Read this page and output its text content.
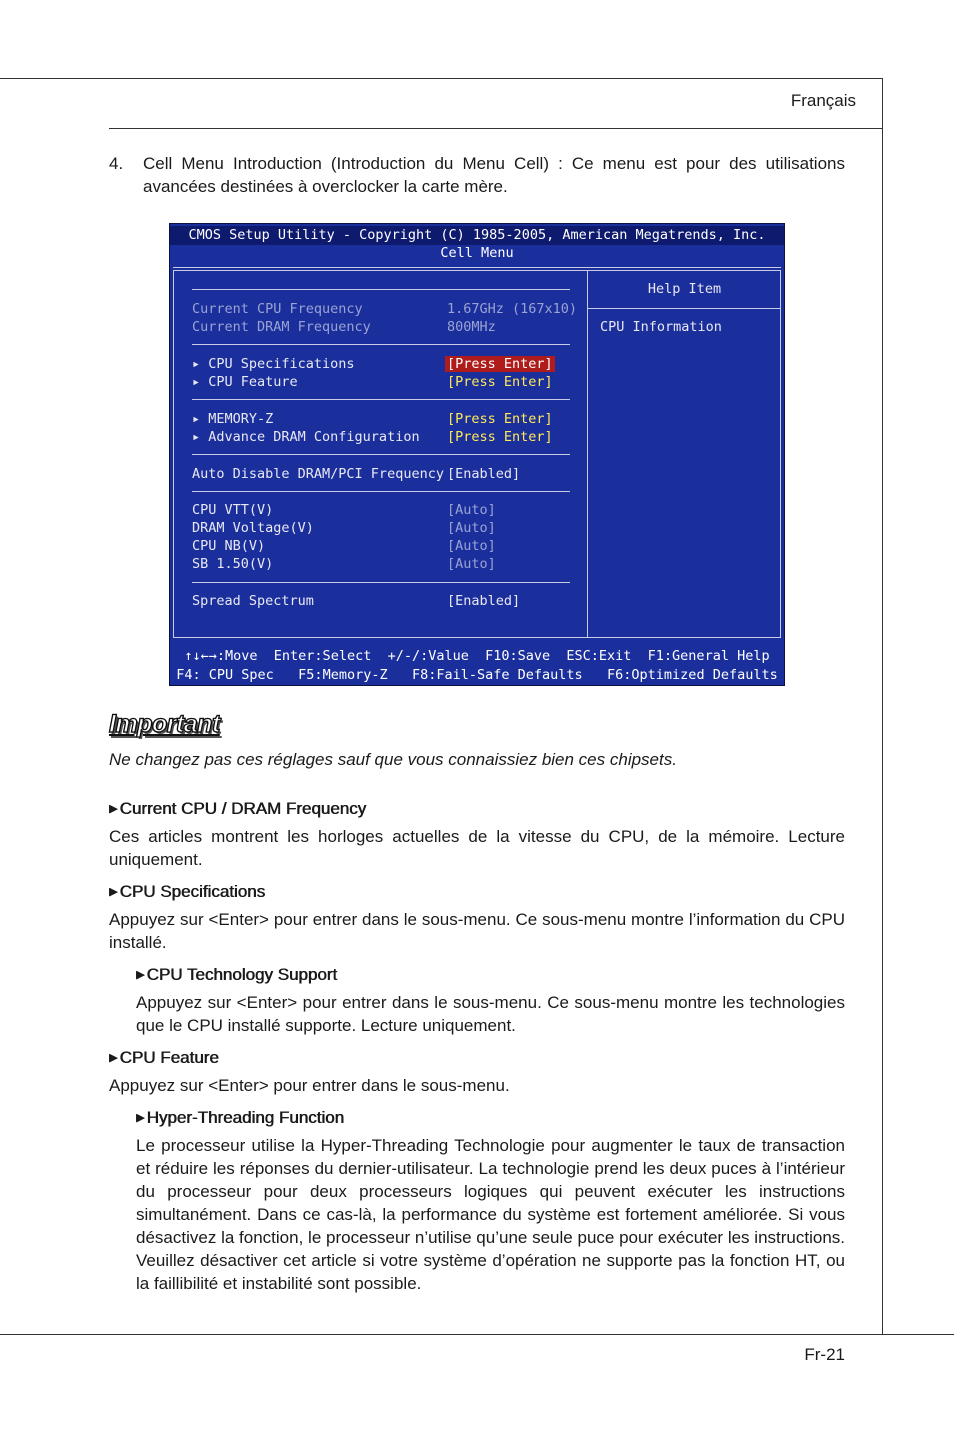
Français
4. Cell Menu Introduction (Introduction du Menu Cell) : Ce menu est pour des utilisations avancées destinées à overclocker la carte mère.
CMOS Setup Utility - Copyright (C) 1985-2005, American Megatrends, Inc.
Cell Menu
Current CPU Frequency	1.67GHz (167x10)
Current DRAM Frequency	800MHz
▸ CPU Specifications	[Press Enter]
▸ CPU Feature	[Press Enter]
▸ MEMORY-Z	[Press Enter]
▸ Advance DRAM Configuration [Press Enter]
Auto Disable DRAM/PCI Frequency [Enabled]
CPU VTT(V)	[Auto]
DRAM Voltage(V)	[Auto]
CPU NB(V)	[Auto]
SB 1.50(V)	[Auto]
Spread Spectrum	[Enabled]
Help Item
CPU Information
↑↓←→:Move  Enter:Select  +/-/:Value  F10:Save  ESC:Exit  F1:General Help
F4: CPU Spec   F5:Memory-Z   F8:Fail-Safe Defaults   F6:Optimized Defaults
Important
Ne changez pas ces réglages sauf que vous connaissiez bien ces chipsets.
▶ Current CPU / DRAM Frequency
Ces articles montrent les horloges actuelles de la vitesse du CPU, de la mémoire. Lecture uniquement.
▶ CPU Specifications
Appuyez sur <Enter> pour entrer dans le sous-menu. Ce sous-menu montre l’information du CPU installé.
▶ CPU Technology Support
Appuyez sur <Enter> pour entrer dans le sous-menu. Ce sous-menu montre les technologies que le CPU installé supporte. Lecture uniquement.
▶ CPU Feature
Appuyez sur <Enter> pour entrer dans le sous-menu.
▶ Hyper-Threading Function
Le processeur utilise la Hyper-Threading Technologie pour augmenter le taux de transaction et réduire les réponses du dernier-utilisateur. La technologie prend les deux puces à l’intérieur du processeur pour deux processeurs logiques qui peuvent exécuter les instructions simultanément. Dans ce cas-là, la performance du système est fortement améliorée. Si vous désactivez la fonction, le processeur n’utilise qu’une seule puce pour exécuter les instructions. Veuillez désactiver cet article si votre système d’opération ne supporte pas la fonction HT, ou la faillibilité et instabilité sont possible.
Fr-21
